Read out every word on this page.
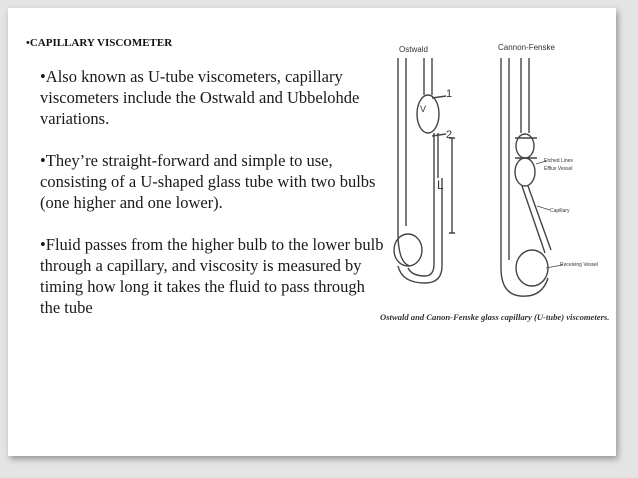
•CAPILLARY VISCOMETER

•Also known as U-tube viscometers, capillary viscometers include the Ostwald and Ubbelohde variations.

•They’re straight-forward and simple to use, consisting of a U-shaped glass tube with two bulbs (one higher and one lower).

•Fluid passes from the higher bulb to the lower bulb through a capillary, and viscosity is measured by timing how long it takes the fluid to pass through the tube

Ostwald	Cannon-Fenske
1
2
L
V
Etched Lines
Efflux Vessel
Capillary
Receiving Vessel
Ostwald and Canon-Fenske glass capillary (U-tube) viscometers.
